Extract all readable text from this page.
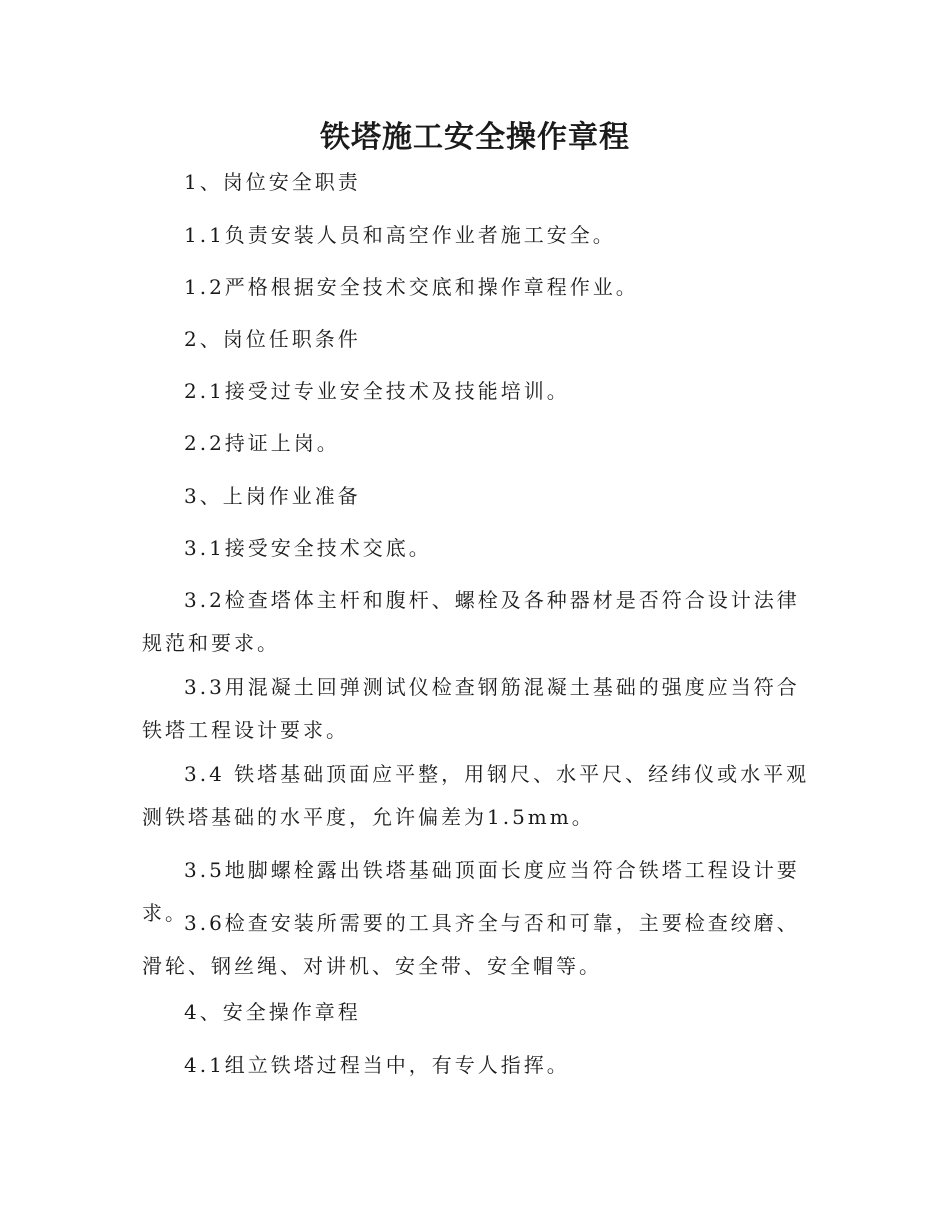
铁塔施工安全操作章程

1、岗位安全职责

1.1负责安装人员和高空作业者施工安全。

1.2严格根据安全技术交底和操作章程作业。

2、岗位任职条件

2.1接受过专业安全技术及技能培训。

2.2持证上岗。

3、上岗作业准备

3.1接受安全技术交底。

3.2检查塔体主杆和腹杆、螺栓及各种器材是否符合设计法律规范和要求。

3.3用混凝土回弹测试仪检查钢筋混凝土基础的强度应当符合铁塔工程设计要求。

3.4 铁塔基础顶面应平整，用钢尺、水平尺、经纬仪或水平观测铁塔基础的水平度，允许偏差为1.5mm。

3.5地脚螺栓露出铁塔基础顶面长度应当符合铁塔工程设计要求。

3.6检查安装所需要的工具齐全与否和可靠，主要检查绞磨、滑轮、钢丝绳、对讲机、安全带、安全帽等。

4、安全操作章程

4.1组立铁塔过程当中，有专人指挥。
